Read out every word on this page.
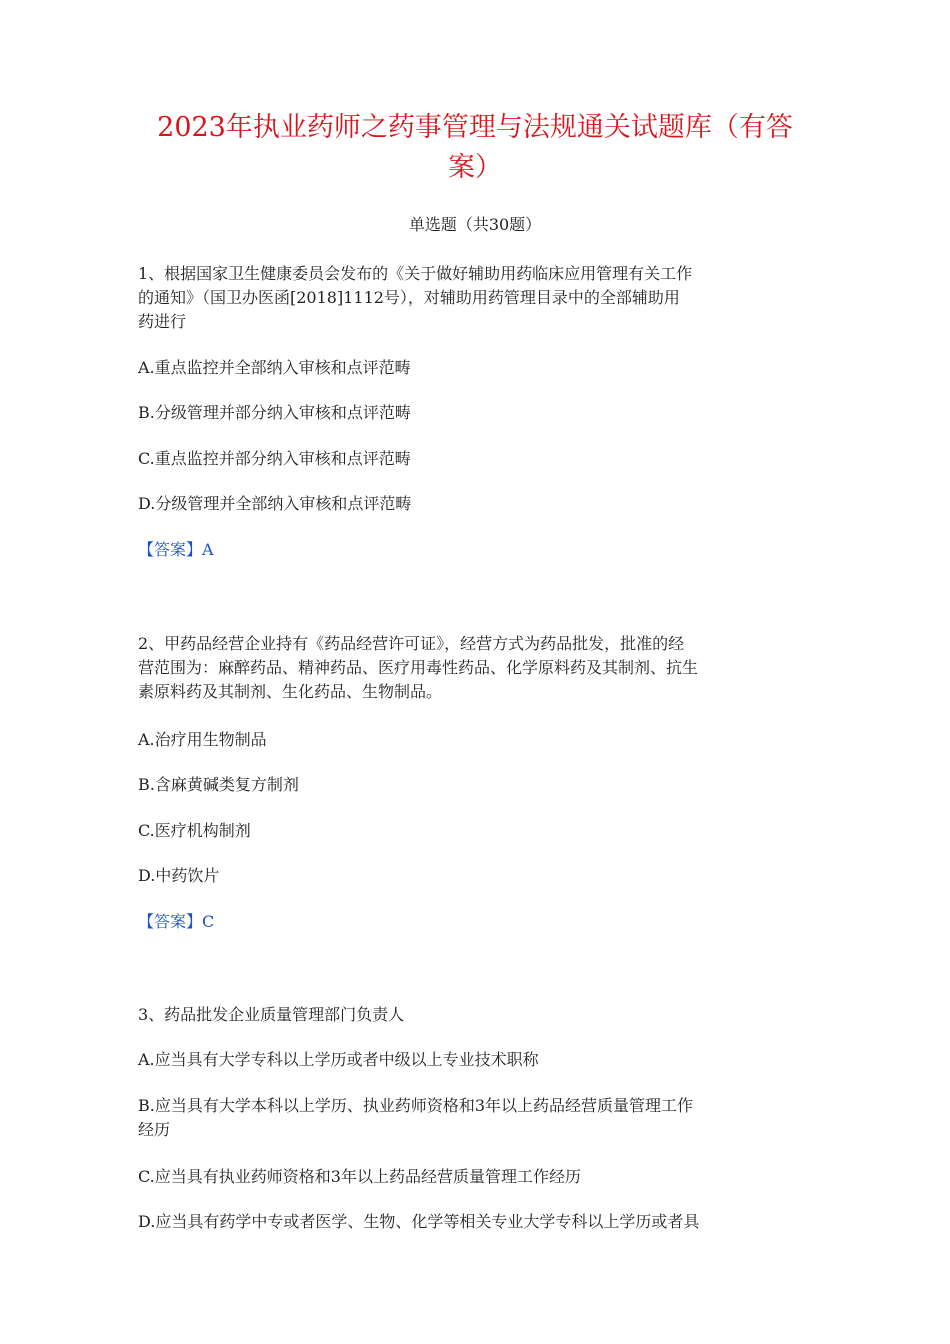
2023年执业药师之药事管理与法规通关试题库（有答
案）
单选题（共30题）
1、根据国家卫生健康委员会发布的《关于做好辅助用药临床应用管理有关工作
的通知》（国卫办医函[2018]1112号），对辅助用药管理目录中的全部辅助用
药进行
A.重点监控并全部纳入审核和点评范畴
B.分级管理并部分纳入审核和点评范畴
C.重点监控并部分纳入审核和点评范畴
D.分级管理并全部纳入审核和点评范畴
【答案】A
2、甲药品经营企业持有《药品经营许可证》，经营方式为药品批发，批准的经
营范围为：麻醉药品、精神药品、医疗用毒性药品、化学原料药及其制剂、抗生
素原料药及其制剂、生化药品、生物制品。
A.治疗用生物制品
B.含麻黄碱类复方制剂
C.医疗机构制剂
D.中药饮片
【答案】C
3、药品批发企业质量管理部门负责人
A.应当具有大学专科以上学历或者中级以上专业技术职称
B.应当具有大学本科以上学历、执业药师资格和3年以上药品经营质量管理工作
经历
C.应当具有执业药师资格和3年以上药品经营质量管理工作经历
D.应当具有药学中专或者医学、生物、化学等相关专业大学专科以上学历或者具
